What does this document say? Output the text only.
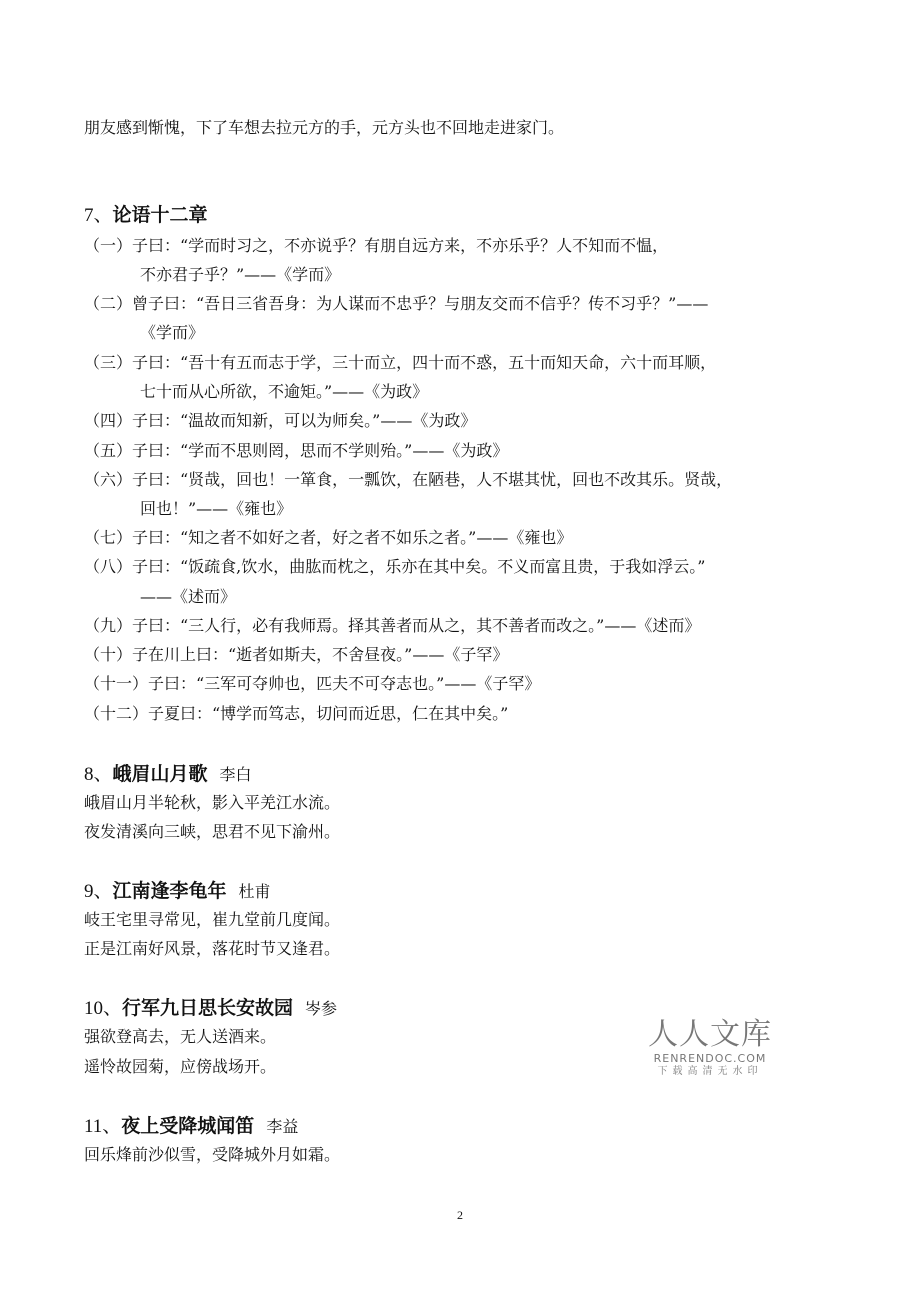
朋友感到惭愧，下了车想去拉元方的手，元方头也不回地走进家门。
7、论语十二章
（一）子曰：“学而时习之，不亦说乎？有朋自远方来，不亦乐乎？人不知而不愠，
不亦君子乎？”——《学而》
（二）曾子曰：“吾日三省吾身：为人谋而不忠乎？与朋友交而不信乎？传不习乎？”——
《学而》
（三）子曰：“吾十有五而志于学，三十而立，四十而不惑，五十而知天命，六十而耳顺，
七十而从心所欲，不逾矩。”——《为政》
（四）子曰：“温故而知新，可以为师矣。”——《为政》
（五）子曰：“学而不思则罔，思而不学则殆。”——《为政》
（六）子曰：“贤哉，回也！一箪食，一瓢饮，在陋巷，人不堪其忧，回也不改其乐。贤哉，
回也！”——《雍也》
（七）子曰：“知之者不如好之者，好之者不如乐之者。”——《雍也》
（八）子曰：“饭疏食,饮水，曲肱而枕之，乐亦在其中矣。不义而富且贵，于我如浮云。”
——《述而》
（九）子曰：“三人行，必有我师焉。择其善者而从之，其不善者而改之。”——《述而》
（十）子在川上曰：“逝者如斯夫，不舍昼夜。”——《子罕》
（十一）子曰：“三军可夺帅也，匹夫不可夺志也。”——《子罕》
（十二）子夏曰：“博学而笃志，切问而近思，仁在其中矣。”
8、峨眉山月歌 李白
峨眉山月半轮秋，影入平羌江水流。
夜发清溪向三峡，思君不见下渝州。
9、江南逢李龟年 杜甫
岐王宅里寻常见，崔九堂前几度闻。
正是江南好风景，落花时节又逢君。
10、行军九日思长安故园 岑参
强欲登高去，无人送酒来。
遥怜故园菊，应傍战场开。
11、夜上受降城闻笛 李益
回乐烽前沙似雪，受降城外月如霜。
人人文库
RENRENDOC.COM
下载高清无水印
2
